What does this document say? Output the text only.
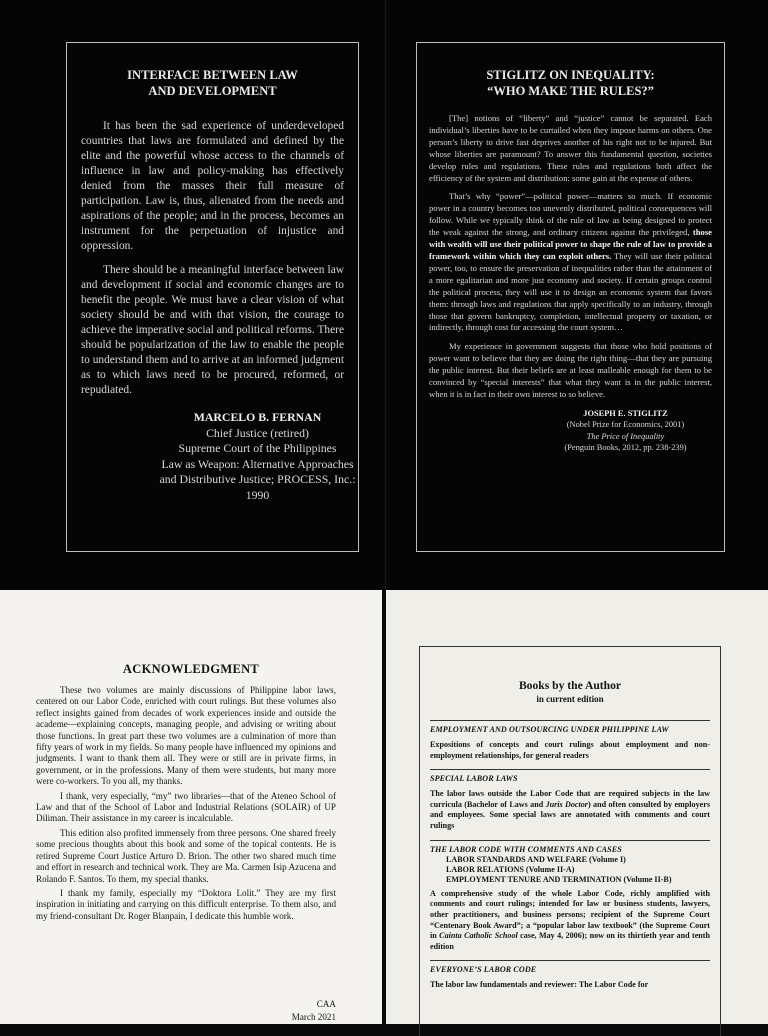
INTERFACE BETWEEN LAW
AND DEVELOPMENT

It has been the sad experience of underdeveloped countries that laws are formulated and defined by the elite and the powerful whose access to the channels of influence in law and policy-making has effectively denied from the masses their full measure of participation. Law is, thus, alienated from the needs and aspirations of the people; and in the process, becomes an instrument for the perpetuation of injustice and oppression.

There should be a meaningful interface between law and development if social and economic changes are to benefit the people. We must have a clear vision of what society should be and with that vision, the courage to achieve the imperative social and political reforms. There should be popularization of the law to enable the people to understand them and to arrive at an informed judgment as to which laws need to be procured, reformed, or repudiated.

MARCELO B. FERNAN
Chief Justice (retired)
Supreme Court of the Philippines
Law as Weapon: Alternative Approaches and Distributive Justice; PROCESS, Inc.: 1990
STIGLITZ ON INEQUALITY:
“WHO MAKE THE RULES?”

[The] notions of “liberty” and “justice” cannot be separated. Each individual’s liberties have to be curtailed when they impose harms on others. One person’s liberty to drive fast deprives another of his right not to be injured. But whose liberties are paramount? To answer this fundamental question, societies develop rules and regulations. These rules and regulations both affect the efficiency of the system and distribution: some gain at the expense of others.

That’s why “power”—political power—matters so much. If economic power in a country becomes too unevenly distributed, political consequences will follow. While we typically think of the rule of law as being designed to protect the weak against the strong, and ordinary citizens against the privileged, those with wealth will use their political power to shape the rule of law to provide a framework within which they can exploit others. They will use their political power, too, to ensure the preservation of inequalities rather than the attainment of a more egalitarian and more just economy and society. If certain groups control the political process, they will use it to design an economic system that favors them: through laws and regulations that apply specifically to an industry, through those that govern bankruptcy, completion, intellectual property or taxation, or indirectly, through cost for accessing the court system…

My experience in government suggests that those who hold positions of power want to believe that they are doing the right thing—that they are pursuing the public interest. But their beliefs are at least malleable enough for them to be convinced by “special interests” that what they want is in the public interest, when it is in fact in their own interest to so believe.

JOSEPH E. STIGLITZ
(Nobel Prize for Economics, 2001)
The Price of Inequality
(Penguin Books, 2012, pp. 238-239)
ACKNOWLEDGMENT

These two volumes are mainly discussions of Philippine labor laws, centered on our Labor Code, enriched with court rulings. But these volumes also reflect insights gained from decades of work experiences inside and outside the academe—explaining concepts, managing people, and advising or writing about those functions. In great part these two volumes are a culmination of more than fifty years of work in my fields. So many people have influenced my opinions and judgments. I want to thank them all. They were or still are in private firms, in government, or in the professions. Many of them were students, but many more were co-workers. To you all, my thanks.

I thank, very especially, “my” two libraries—that of the Ateneo School of Law and that of the School of Labor and Industrial Relations (SOLAIR) of UP Diliman. Their assistance in my career is incalculable.

This edition also profited immensely from three persons. One shared freely some precious thoughts about this book and some of the topical contents. He is retired Supreme Court Justice Arturo D. Brion. The other two shared much time and effort in research and technical work. They are Ma. Carmen Isip Azucena and Rolando F. Santos. To them, my special thanks.

I thank my family, especially my “Doktora Lolit.” They are my first inspiration in initiating and carrying on this difficult enterprise. To them also, and my friend-consultant Dr. Roger Blanpain, I dedicate this humble work.

CAA
March 2021
Books by the Author
in current edition
EMPLOYMENT AND OUTSOURCING UNDER PHILIPPINE LAW
Expositions of concepts and court rulings about employment and non-employment relationships, for general readers
SPECIAL LABOR LAWS
The labor laws outside the Labor Code that are required subjects in the law curricula (Bachelor of Laws and Juris Doctor) and often consulted by employers and employees. Some special laws are annotated with comments and court rulings
THE LABOR CODE WITH COMMENTS AND CASES
LABOR STANDARDS AND WELFARE (Volume I)
LABOR RELATIONS (Volume II-A)
EMPLOYMENT TENURE AND TERMINATION (Volume II-B)
A comprehensive study of the whole Labor Code, richly amplified with comments and court rulings; intended for law or business students, lawyers, other practitioners, and business persons; recipient of the Supreme Court “Centenary Book Award”; a “popular labor law textbook” (the Supreme Court in Cainta Catholic School case, May 4, 2006); now on its thirtieth year and tenth edition
EVERYONE’S LABOR CODE
The labor law fundamentals and reviewer: The Labor Code for
